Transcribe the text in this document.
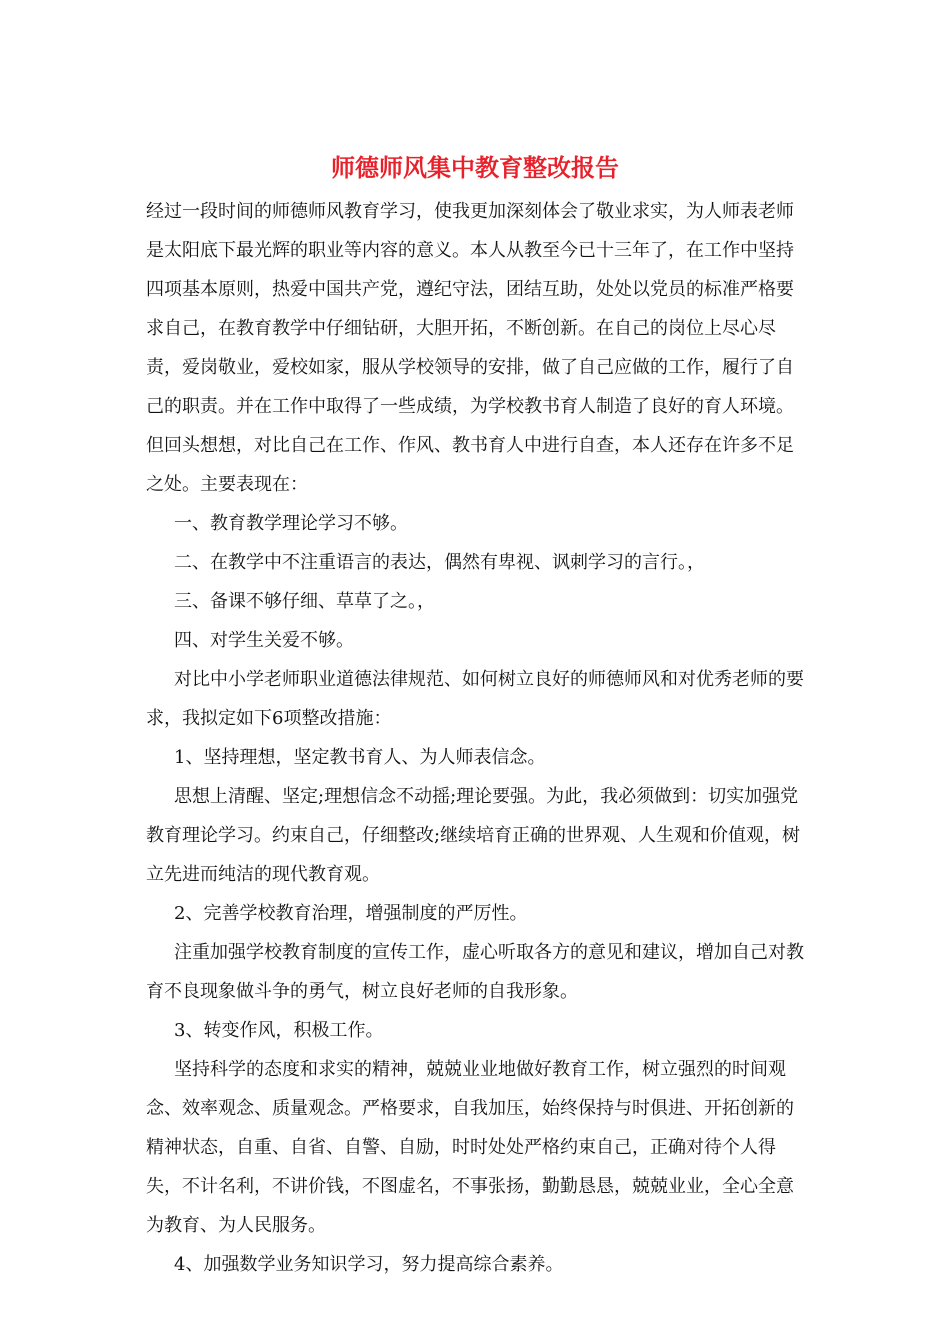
师德师风集中教育整改报告

经过一段时间的师德师风教育学习，使我更加深刻体会了敬业求实，为人师表老师是太阳底下最光辉的职业等内容的意义。本人从教至今已十三年了，在工作中坚持四项基本原则，热爱中国共产党，遵纪守法，团结互助，处处以党员的标准严格要求自己，在教育教学中仔细钻研，大胆开拓，不断创新。在自己的岗位上尽心尽责，爱岗敬业，爱校如家，服从学校领导的安排，做了自己应做的工作，履行了自己的职责。并在工作中取得了一些成绩，为学校教书育人制造了良好的育人环境。但回头想想，对比自己在工作、作风、教书育人中进行自查，本人还存在许多不足之处。主要表现在：

一、教育教学理论学习不够。

二、在教学中不注重语言的表达，偶然有卑视、讽刺学习的言行。，

三、备课不够仔细、草草了之。，

四、对学生关爱不够。

对比中小学老师职业道德法律规范、如何树立良好的师德师风和对优秀老师的要求，我拟定如下6项整改措施：

1、坚持理想，坚定教书育人、为人师表信念。

思想上清醒、坚定;理想信念不动摇;理论要强。为此，我必须做到：切实加强党教育理论学习。约束自己，仔细整改;继续培育正确的世界观、人生观和价值观，树立先进而纯洁的现代教育观。

2、完善学校教育治理，增强制度的严厉性。

注重加强学校教育制度的宣传工作，虚心听取各方的意见和建议，增加自己对教育不良现象做斗争的勇气，树立良好老师的自我形象。

3、转变作风，积极工作。

坚持科学的态度和求实的精神，兢兢业业地做好教育工作，树立强烈的时间观念、效率观念、质量观念。严格要求，自我加压，始终保持与时俱进、开拓创新的精神状态，自重、自省、自警、自励，时时处处严格约束自己，正确对待个人得失，不计名利，不讲价钱，不图虚名，不事张扬，勤勤恳恳，兢兢业业，全心全意为教育、为人民服务。

4、加强数学业务知识学习，努力提高综合素养。
